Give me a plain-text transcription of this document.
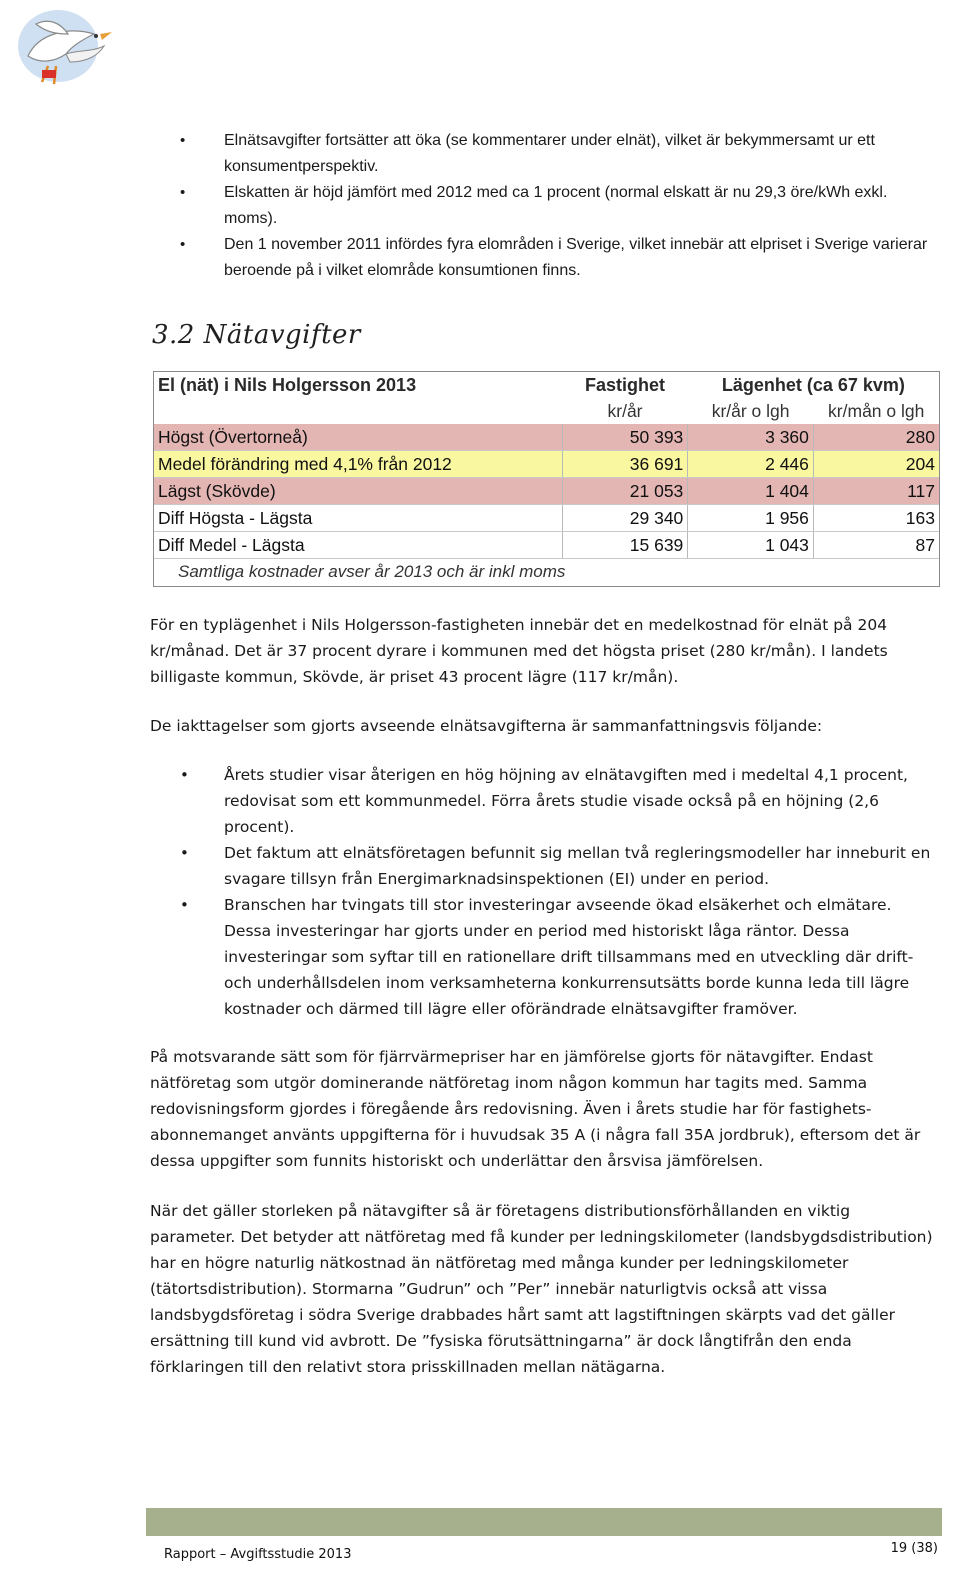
• Elnätsavgifter fortsätter att öka (se kommentarer under elnät), vilket är bekymmersamt ur ett konsumentperspektiv.
• Elskatten är höjd jämfört med 2012 med ca 1 procent (normal elskatt är nu 29,3 öre/kWh exkl. moms).
• Den 1 november 2011 infördes fyra elområden i Sverige, vilket innebär att elpriset i Sverige varierar beroende på i vilket elområde konsumtionen finns.
3.2 Nätavgifter
El (nät) i Nils Holgersson 2013	Fastighet	Lägenhet (ca 67 kvm)	
	kr/år	kr/år o lgh	kr/mån o lgh
Högst (Övertorneå)	50 393	3 360	280
Medel förändring med 4,1% från 2012	36 691	2 446	204
Lägst (Skövde)	21 053	1 404	117
Diff Högsta - Lägsta	29 340	1 956	163
Diff Medel - Lägsta	15 639	1 043	87
Samtliga kostnader avser år 2013 och är inkl moms			

För en typlägenhet i Nils Holgersson-fastigheten innebär det en medelkostnad för elnät på 204 kr/månad. Det är 37 procent dyrare i kommunen med det högsta priset (280 kr/mån). I landets billigaste kommun, Skövde, är priset 43 procent lägre (117 kr/mån).

De iakttagelser som gjorts avseende elnätsavgifterna är sammanfattningsvis följande:

• Årets studier visar återigen en hög höjning av elnätavgiften med i medeltal 4,1 procent, redovisat som ett kommunmedel. Förra årets studie visade också på en höjning (2,6 procent).
• Det faktum att elnätsföretagen befunnit sig mellan två regleringsmodeller har inneburit en svagare tillsyn från Energimarknadsinspektionen (EI) under en period.
• Branschen har tvingats till stor investeringar avseende ökad elsäkerhet och elmätare. Dessa investeringar har gjorts under en period med historiskt låga räntor. Dessa investeringar som syftar till en rationellare drift tillsammans med en utveckling där drift- och underhållsdelen inom verksamheterna konkurrensutsätts borde kunna leda till lägre kostnader och därmed till lägre eller oförändrade elnätsavgifter framöver.

På motsvarande sätt som för fjärrvärmepriser har en jämförelse gjorts för nätavgifter. Endast nätföretag som utgör dominerande nätföretag inom någon kommun har tagits med. Samma redovisningsform gjordes i föregående års redovisning. Även i årets studie har för fastighets-abonnemanget använts uppgifterna för i huvudsak 35 A (i några fall 35A jordbruk), eftersom det är dessa uppgifter som funnits historiskt och underlättar den årsvisa jämförelsen.

När det gäller storleken på nätavgifter så är företagens distributionsförhållanden en viktig parameter. Det betyder att nätföretag med få kunder per ledningskilometer (landsbygdsdistribution) har en högre naturlig nätkostnad än nätföretag med många kunder per ledningskilometer (tätortsdistribution). Stormarna ”Gudrun” och ”Per” innebär naturligtvis också att vissa landsbygdsföretag i södra Sverige drabbades hårt samt att lagstiftningen skärpts vad det gäller ersättning till kund vid avbrott. De ”fysiska förutsättningarna” är dock långtifrån den enda förklaringen till den relativt stora prisskillnaden mellan nätägarna.

Rapport – Avgiftsstudie 2013	19 (38)
